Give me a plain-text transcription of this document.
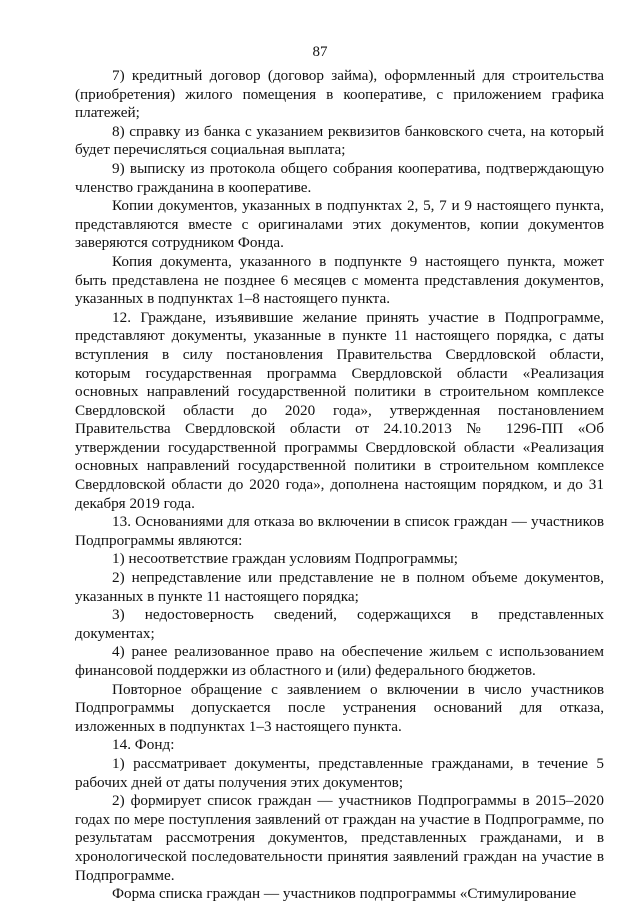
87

7) кредитный договор (договор займа), оформленный для строительства (приобретения) жилого помещения в кооперативе, с приложением графика платежей;

8) справку из банка с указанием реквизитов банковского счета, на который будет перечисляться социальная выплата;

9) выписку из протокола общего собрания кооператива, подтверждающую членство гражданина в кооперативе.

Копии документов, указанных в подпунктах 2, 5, 7 и 9 настоящего пункта, представляются вместе с оригиналами этих документов, копии документов заверяются сотрудником Фонда.

Копия документа, указанного в подпункте 9 настоящего пункта, может быть представлена не позднее 6 месяцев с момента представления документов, указанных в подпунктах 1–8 настоящего пункта.

12. Граждане, изъявившие желание принять участие в Подпрограмме, представляют документы, указанные в пункте 11 настоящего порядка, с даты вступления в силу постановления Правительства Свердловской области, которым государственная программа Свердловской области «Реализация основных направлений государственной политики в строительном комплексе Свердловской области до 2020 года», утвержденная постановлением Правительства Свердловской области от 24.10.2013 № 1296-ПП «Об утверждении государственной программы Свердловской области «Реализация основных направлений государственной политики в строительном комплексе Свердловской области до 2020 года», дополнена настоящим порядком, и до 31 декабря 2019 года.

13. Основаниями для отказа во включении в список граждан — участников Подпрограммы являются:

1) несоответствие граждан условиям Подпрограммы;

2) непредставление или представление не в полном объеме документов, указанных в пункте 11 настоящего порядка;

3) недостоверность сведений, содержащихся в представленных документах;

4) ранее реализованное право на обеспечение жильем с использованием финансовой поддержки из областного и (или) федерального бюджетов.

Повторное обращение с заявлением о включении в число участников Подпрограммы допускается после устранения оснований для отказа, изложенных в подпунктах 1–3 настоящего пункта.

14. Фонд:

1) рассматривает документы, представленные гражданами, в течение 5 рабочих дней от даты получения этих документов;

2) формирует список граждан — участников Подпрограммы в 2015–2020 годах по мере поступления заявлений от граждан на участие в Подпрограмме, по результатам рассмотрения документов, представленных гражданами, и в хронологической последовательности принятия заявлений граждан на участие в Подпрограмме.

Форма списка граждан — участников подпрограммы «Стимулирование
